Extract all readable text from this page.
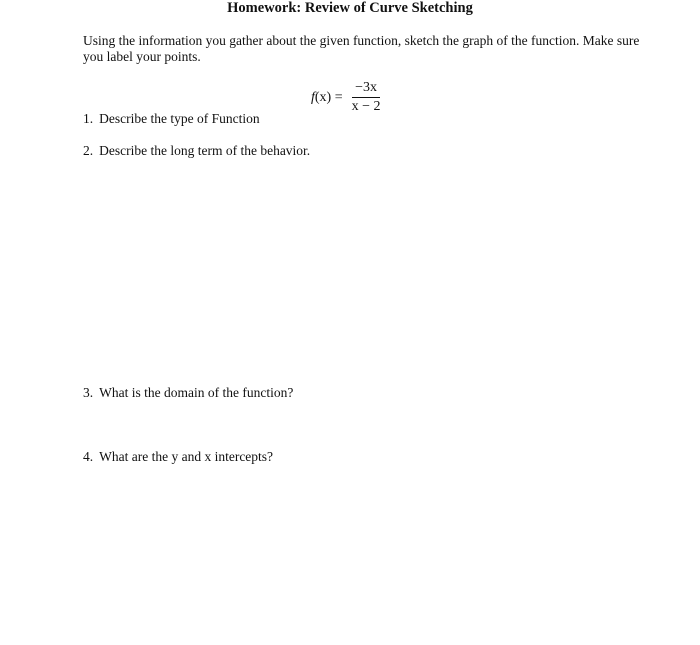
Homework: Review of Curve Sketching
Using the information you gather about the given function, sketch the graph of the function. Make sure you label your points.
$f(x) = \frac{-3x}{x - 2}$
1. Describe the type of Function
2. Describe the long term of the behavior.
3. What is the domain of the function?
4. What are the y and x intercepts?
